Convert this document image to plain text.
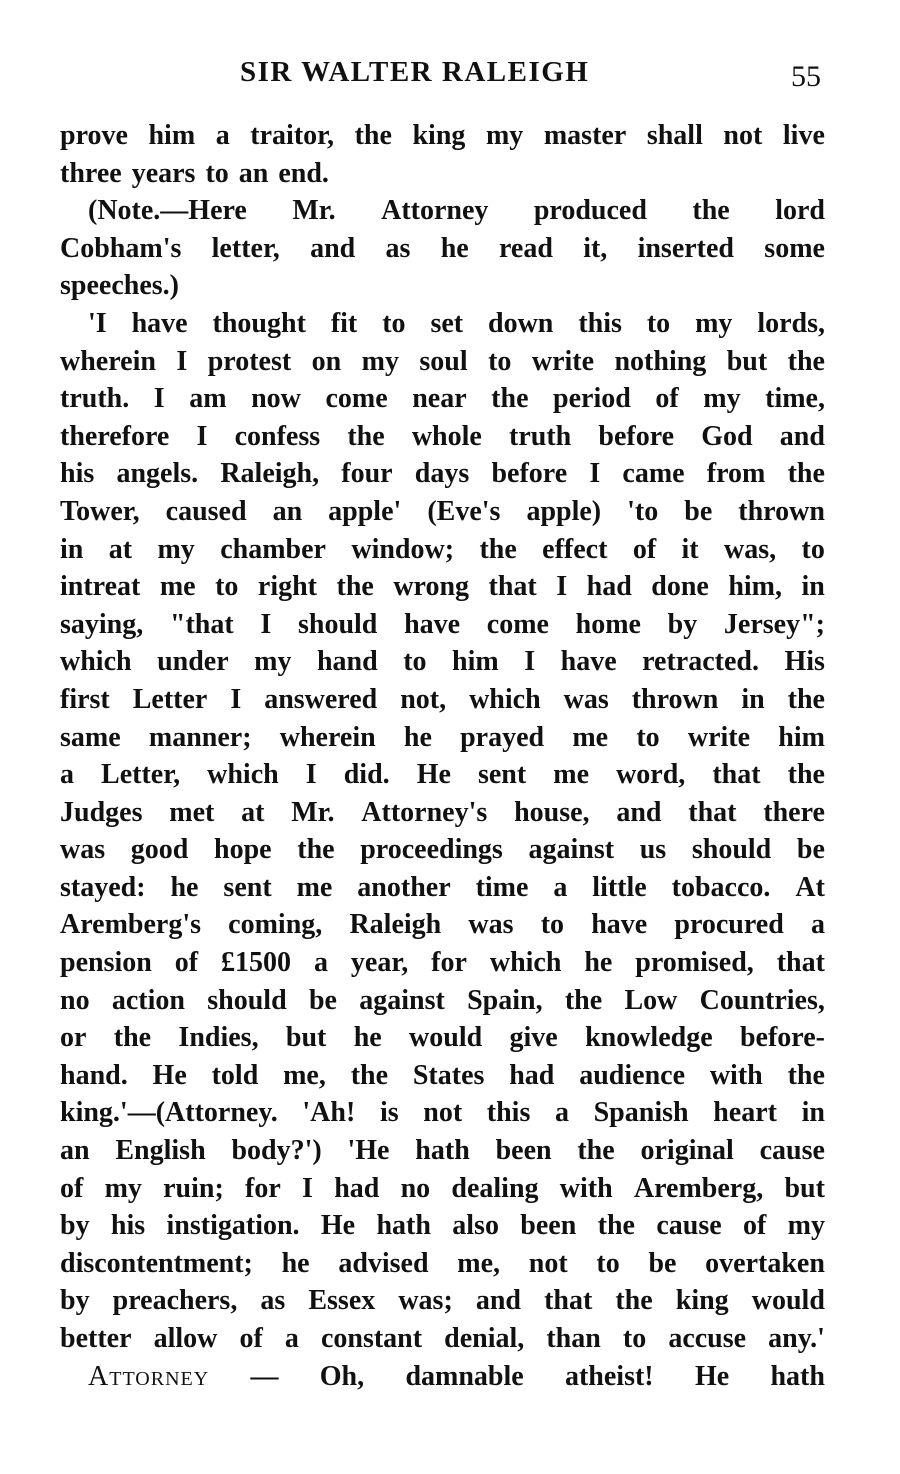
SIR WALTER RALEIGH	55
prove him a traitor, the king my master shall not live
three years to an end.
(Note.—Here Mr. Attorney produced the lord
Cobham's letter, and as he read it, inserted some
speeches.)
'I have thought fit to set down this to my lords,
wherein I protest on my soul to write nothing but the
truth. I am now come near the period of my time,
therefore I confess the whole truth before God and
his angels. Raleigh, four days before I came from the
Tower, caused an apple' (Eve's apple) 'to be thrown
in at my chamber window; the effect of it was, to
intreat me to right the wrong that I had done him, in
saying, "that I should have come home by Jersey";
which under my hand to him I have retracted. His
first Letter I answered not, which was thrown in the
same manner; wherein he prayed me to write him
a Letter, which I did. He sent me word, that the
Judges met at Mr. Attorney's house, and that there
was good hope the proceedings against us should be
stayed: he sent me another time a little tobacco. At
Aremberg's coming, Raleigh was to have procured a
pension of £1500 a year, for which he promised, that
no action should be against Spain, the Low Countries,
or the Indies, but he would give knowledge before-
hand. He told me, the States had audience with the
king.'—(Attorney. 'Ah! is not this a Spanish heart in
an English body?') 'He hath been the original cause
of my ruin; for I had no dealing with Aremberg, but
by his instigation. He hath also been the cause of my
discontentment; he advised me, not to be overtaken
by preachers, as Essex was; and that the king would
better allow of a constant denial, than to accuse any.'
Attorney — Oh, damnable atheist! He hath
